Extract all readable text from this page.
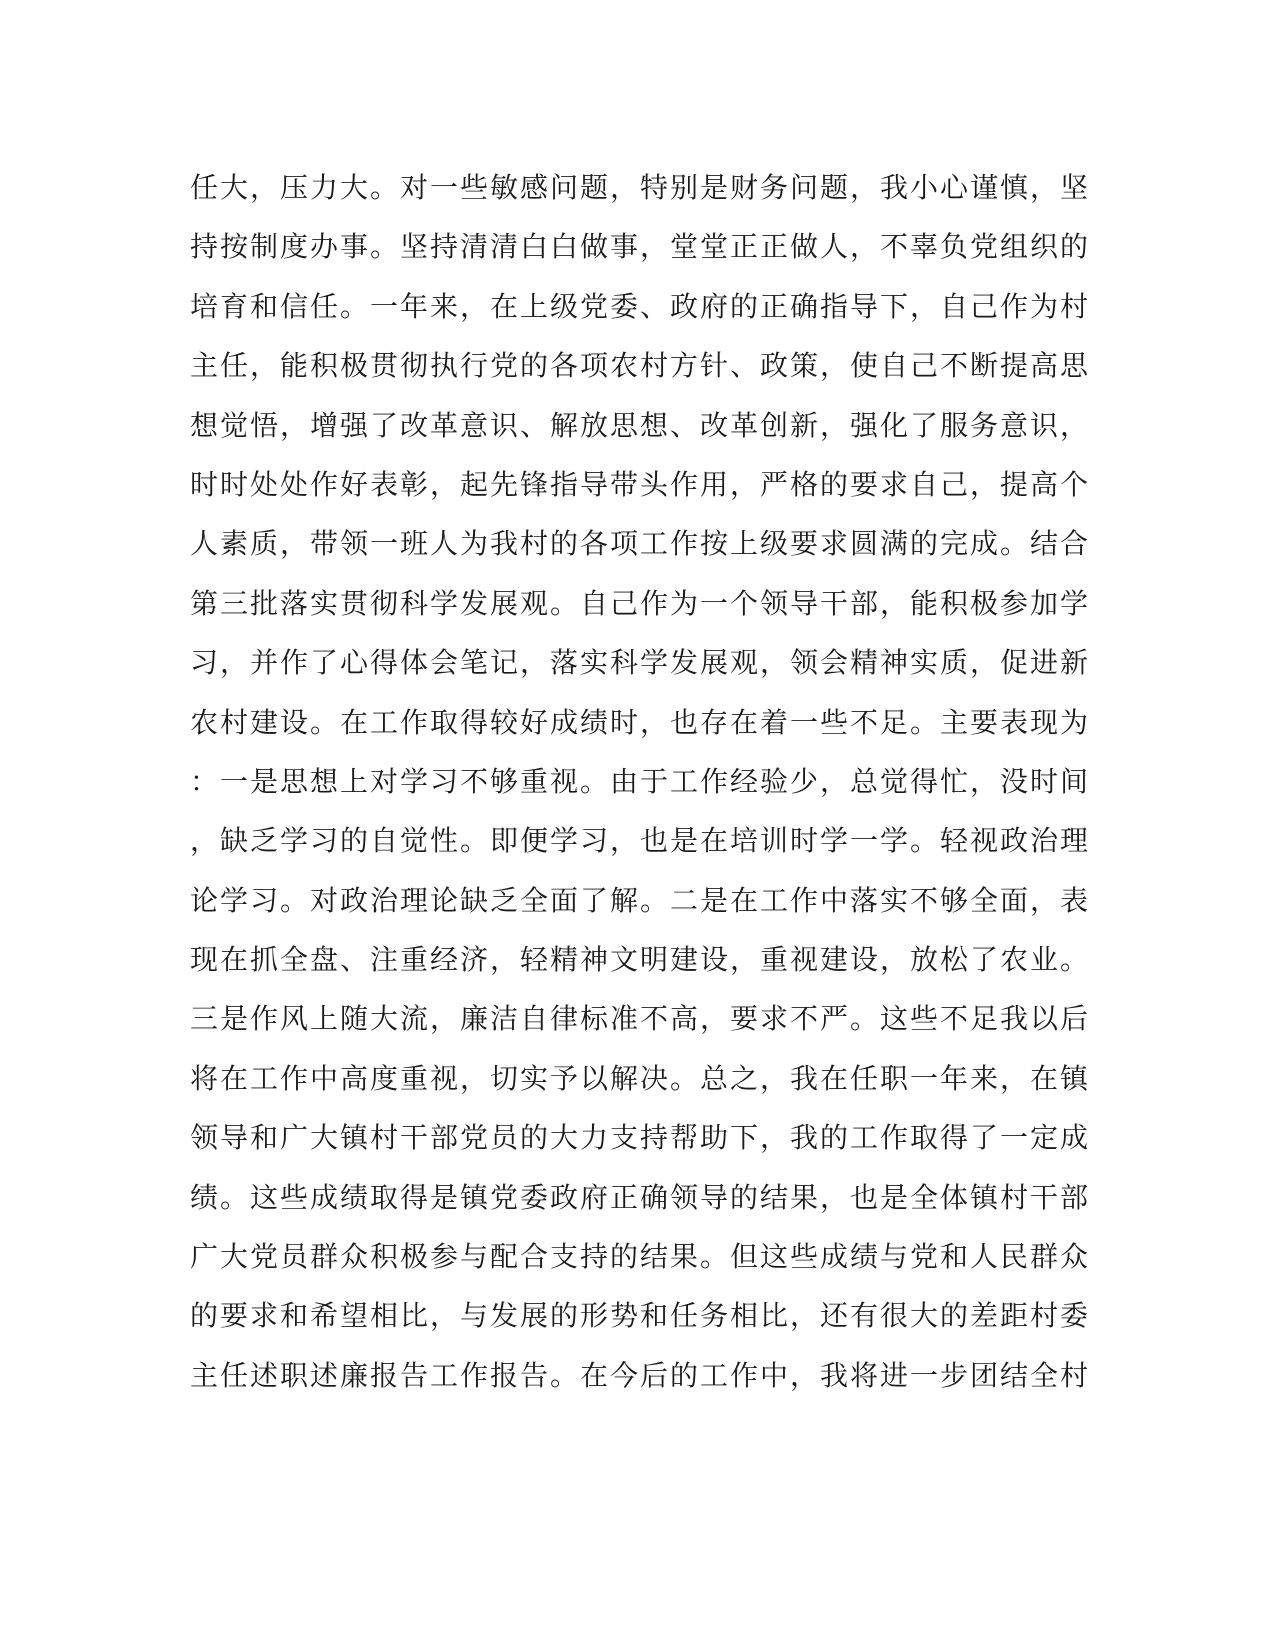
任大，压力大。对一些敏感问题，特别是财务问题，我小心谨慎，坚
持按制度办事。坚持清清白白做事，堂堂正正做人，不辜负党组织的
培育和信任。一年来，在上级党委、政府的正确指导下，自己作为村
主任，能积极贯彻执行党的各项农村方针、政策，使自己不断提高思
想觉悟，增强了改革意识、解放思想、改革创新，强化了服务意识，
时时处处作好表彰，起先锋指导带头作用，严格的要求自己，提高个
人素质，带领一班人为我村的各项工作按上级要求圆满的完成。结合
第三批落实贯彻科学发展观。自己作为一个领导干部，能积极参加学
习，并作了心得体会笔记，落实科学发展观，领会精神实质，促进新
农村建设。在工作取得较好成绩时，也存在着一些不足。主要表现为
：一是思想上对学习不够重视。由于工作经验少，总觉得忙，没时间
，缺乏学习的自觉性。即便学习，也是在培训时学一学。轻视政治理
论学习。对政治理论缺乏全面了解。二是在工作中落实不够全面，表
现在抓全盘、注重经济，轻精神文明建设，重视建设，放松了农业。
三是作风上随大流，廉洁自律标准不高，要求不严。这些不足我以后
将在工作中高度重视，切实予以解决。总之，我在任职一年来，在镇
领导和广大镇村干部党员的大力支持帮助下，我的工作取得了一定成
绩。这些成绩取得是镇党委政府正确领导的结果，也是全体镇村干部
广大党员群众积极参与配合支持的结果。但这些成绩与党和人民群众
的要求和希望相比，与发展的形势和任务相比，还有很大的差距村委
主任述职述廉报告工作报告。在今后的工作中，我将进一步团结全村
